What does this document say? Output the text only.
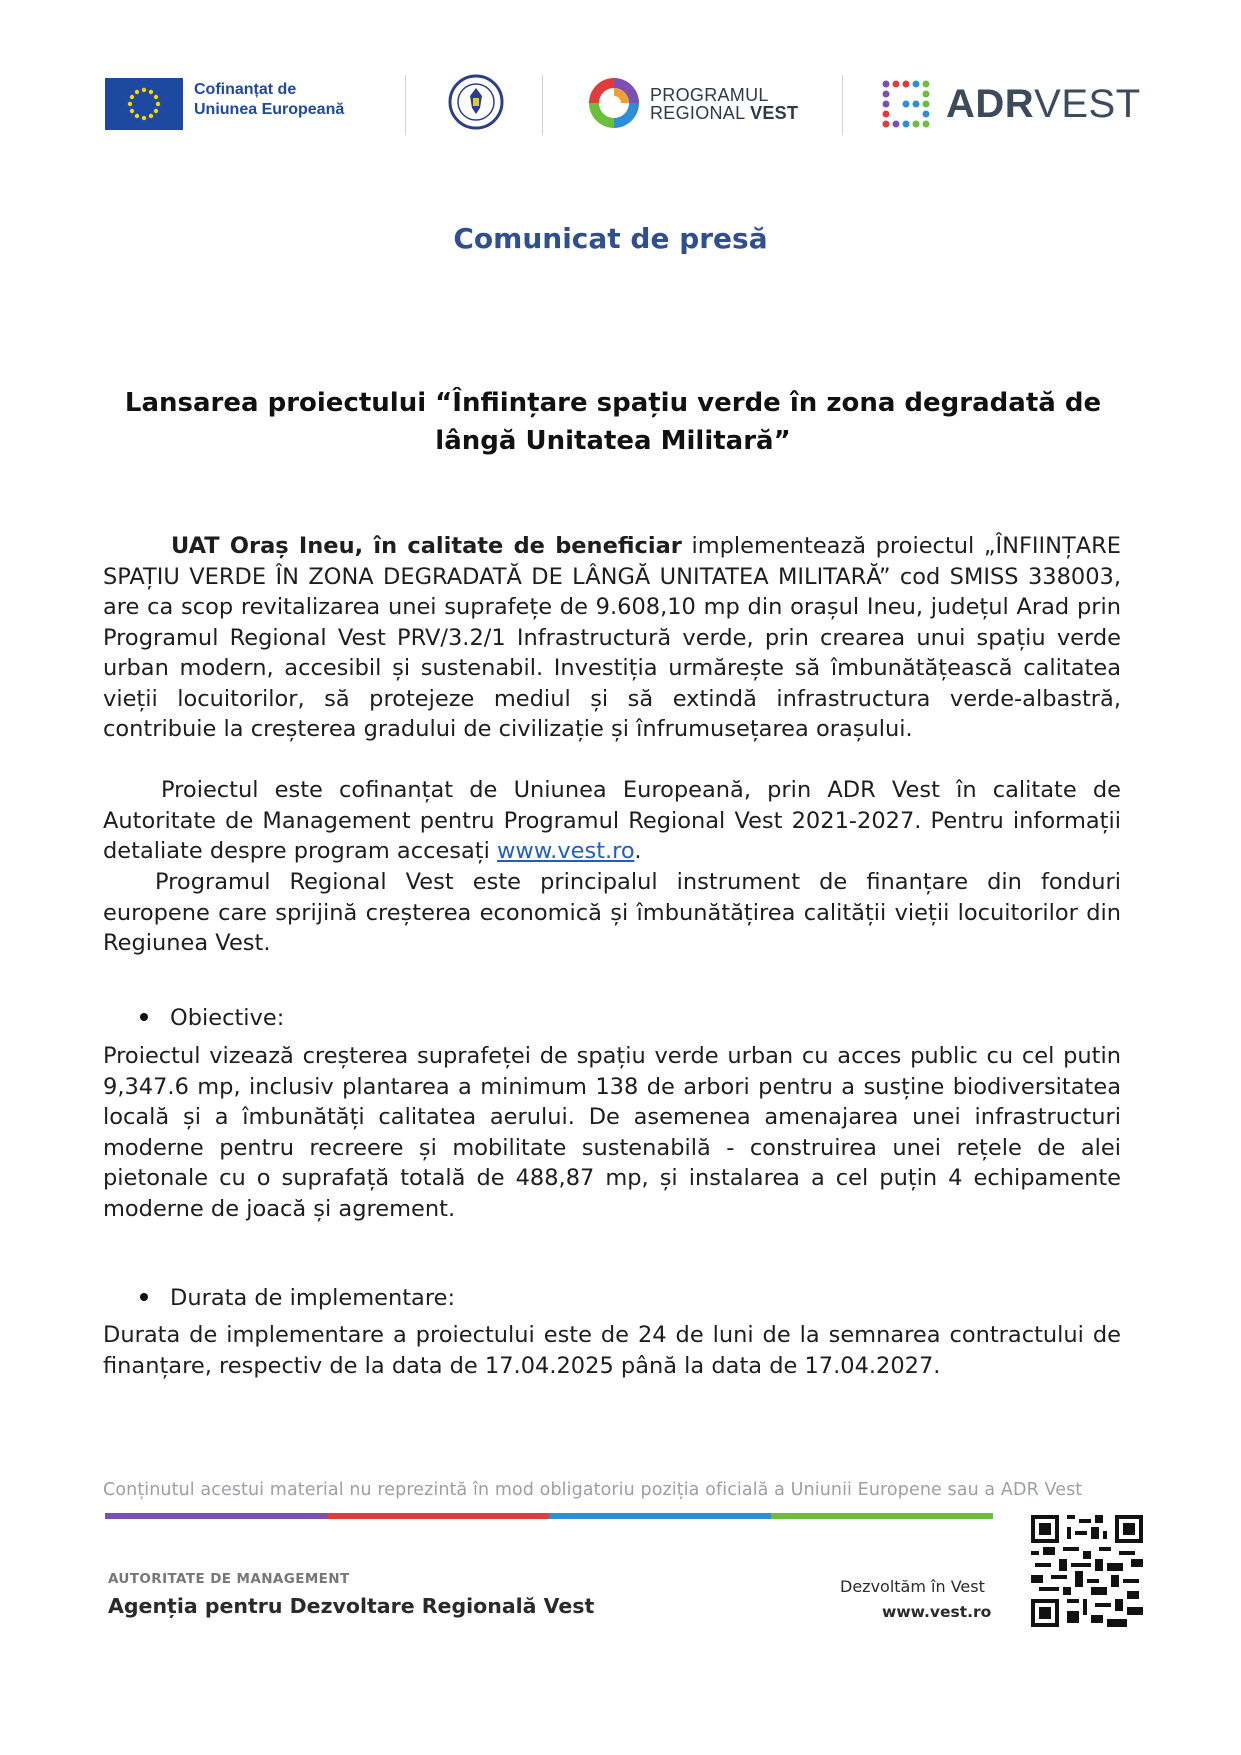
Cofinanțat de
Uniunea Europeană
PROGRAMUL
REGIONAL VEST	ADRVEST
Comunicat de presă
Lansarea proiectului “Înființare spațiu verde în zona degradată de
lângă Unitatea Militară”

UAT Oraș Ineu, în calitate de beneficiar implementează proiectul „ÎNFIINȚARE SPAȚIU VERDE ÎN ZONA DEGRADATĂ DE LÂNGĂ UNITATEA MILITARĂ” cod SMISS 338003, are ca scop revitalizarea unei suprafețe de 9.608,10 mp din orașul Ineu, județul Arad prin Programul Regional Vest PRV/3.2/1 Infrastructură verde, prin crearea unui spațiu verde urban modern, accesibil și sustenabil. Investiția urmărește să îmbunătățească calitatea vieții locuitorilor, să protejeze mediul și să extindă infrastructura verde-albastră, contribuie la creșterea gradului de civilizație și înfrumusețarea orașului.

Proiectul este cofinanțat de Uniunea Europeană, prin ADR Vest în calitate de Autoritate de Management pentru Programul Regional Vest 2021-2027. Pentru informații detaliate despre program accesați www.vest.ro.

Programul Regional Vest este principalul instrument de finanțare din fonduri europene care sprijină creșterea economică și îmbunătățirea calității vieții locuitorilor din Regiunea Vest.

Obiective:

Proiectul vizează creșterea suprafeței de spațiu verde urban cu acces public cu cel putin 9,347.6 mp, inclusiv plantarea a minimum 138 de arbori pentru a susține biodiversitatea locală și a îmbunătăți calitatea aerului. De asemenea amenajarea unei infrastructuri moderne pentru recreere și mobilitate sustenabilă - construirea unei rețele de alei pietonale cu o suprafață totală de 488,87 mp, și instalarea a cel puțin 4 echipamente moderne de joacă și agrement.

Durata de implementare:

Durata de implementare a proiectului este de 24 de luni de la semnarea contractului de finanțare, respectiv de la data de 17.04.2025 până la data de 17.04.2027.

Conținutul acestui material nu reprezintă în mod obligatoriu poziția oficială a Uniunii Europene sau a ADR Vest
AUTORITATE DE MANAGEMENT
Agenția pentru Dezvoltare Regională Vest
Dezvoltăm în Vest
www.vest.ro
